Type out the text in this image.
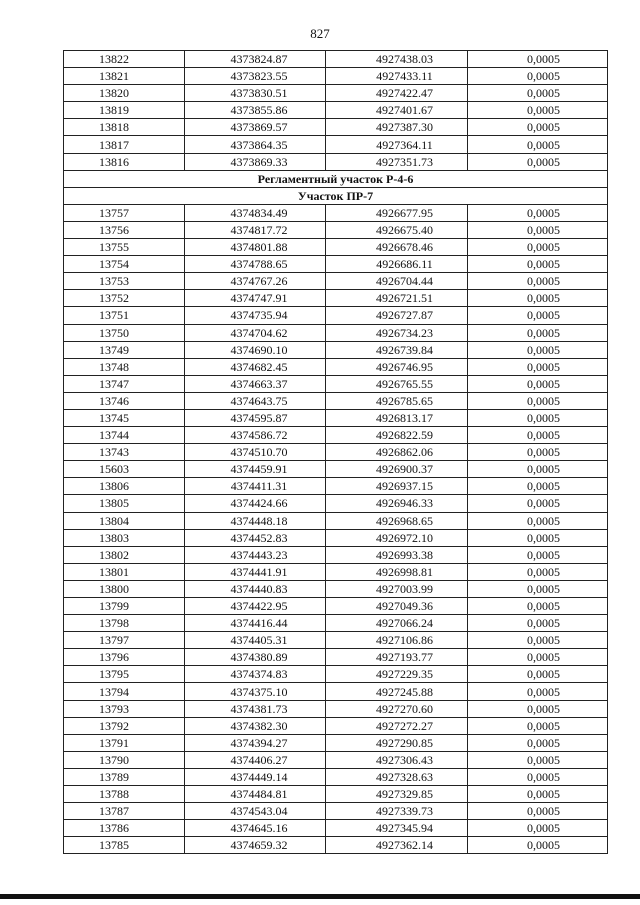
827
13822	4373824.87	4927438.03	0,0005
13821	4373823.55	4927433.11	0,0005
13820	4373830.51	4927422.47	0,0005
13819	4373855.86	4927401.67	0,0005
13818	4373869.57	4927387.30	0,0005
13817	4373864.35	4927364.11	0,0005
13816	4373869.33	4927351.73	0,0005
Регламентный участок Р-4-6			
Участок ПР-7			
13757	4374834.49	4926677.95	0,0005
13756	4374817.72	4926675.40	0,0005
13755	4374801.88	4926678.46	0,0005
13754	4374788.65	4926686.11	0,0005
13753	4374767.26	4926704.44	0,0005
13752	4374747.91	4926721.51	0,0005
13751	4374735.94	4926727.87	0,0005
13750	4374704.62	4926734.23	0,0005
13749	4374690.10	4926739.84	0,0005
13748	4374682.45	4926746.95	0,0005
13747	4374663.37	4926765.55	0,0005
13746	4374643.75	4926785.65	0,0005
13745	4374595.87	4926813.17	0,0005
13744	4374586.72	4926822.59	0,0005
13743	4374510.70	4926862.06	0,0005
15603	4374459.91	4926900.37	0,0005
13806	4374411.31	4926937.15	0,0005
13805	4374424.66	4926946.33	0,0005
13804	4374448.18	4926968.65	0,0005
13803	4374452.83	4926972.10	0,0005
13802	4374443.23	4926993.38	0,0005
13801	4374441.91	4926998.81	0,0005
13800	4374440.83	4927003.99	0,0005
13799	4374422.95	4927049.36	0,0005
13798	4374416.44	4927066.24	0,0005
13797	4374405.31	4927106.86	0,0005
13796	4374380.89	4927193.77	0,0005
13795	4374374.83	4927229.35	0,0005
13794	4374375.10	4927245.88	0,0005
13793	4374381.73	4927270.60	0,0005
13792	4374382.30	4927272.27	0,0005
13791	4374394.27	4927290.85	0,0005
13790	4374406.27	4927306.43	0,0005
13789	4374449.14	4927328.63	0,0005
13788	4374484.81	4927329.85	0,0005
13787	4374543.04	4927339.73	0,0005
13786	4374645.16	4927345.94	0,0005
13785	4374659.32	4927362.14	0,0005
